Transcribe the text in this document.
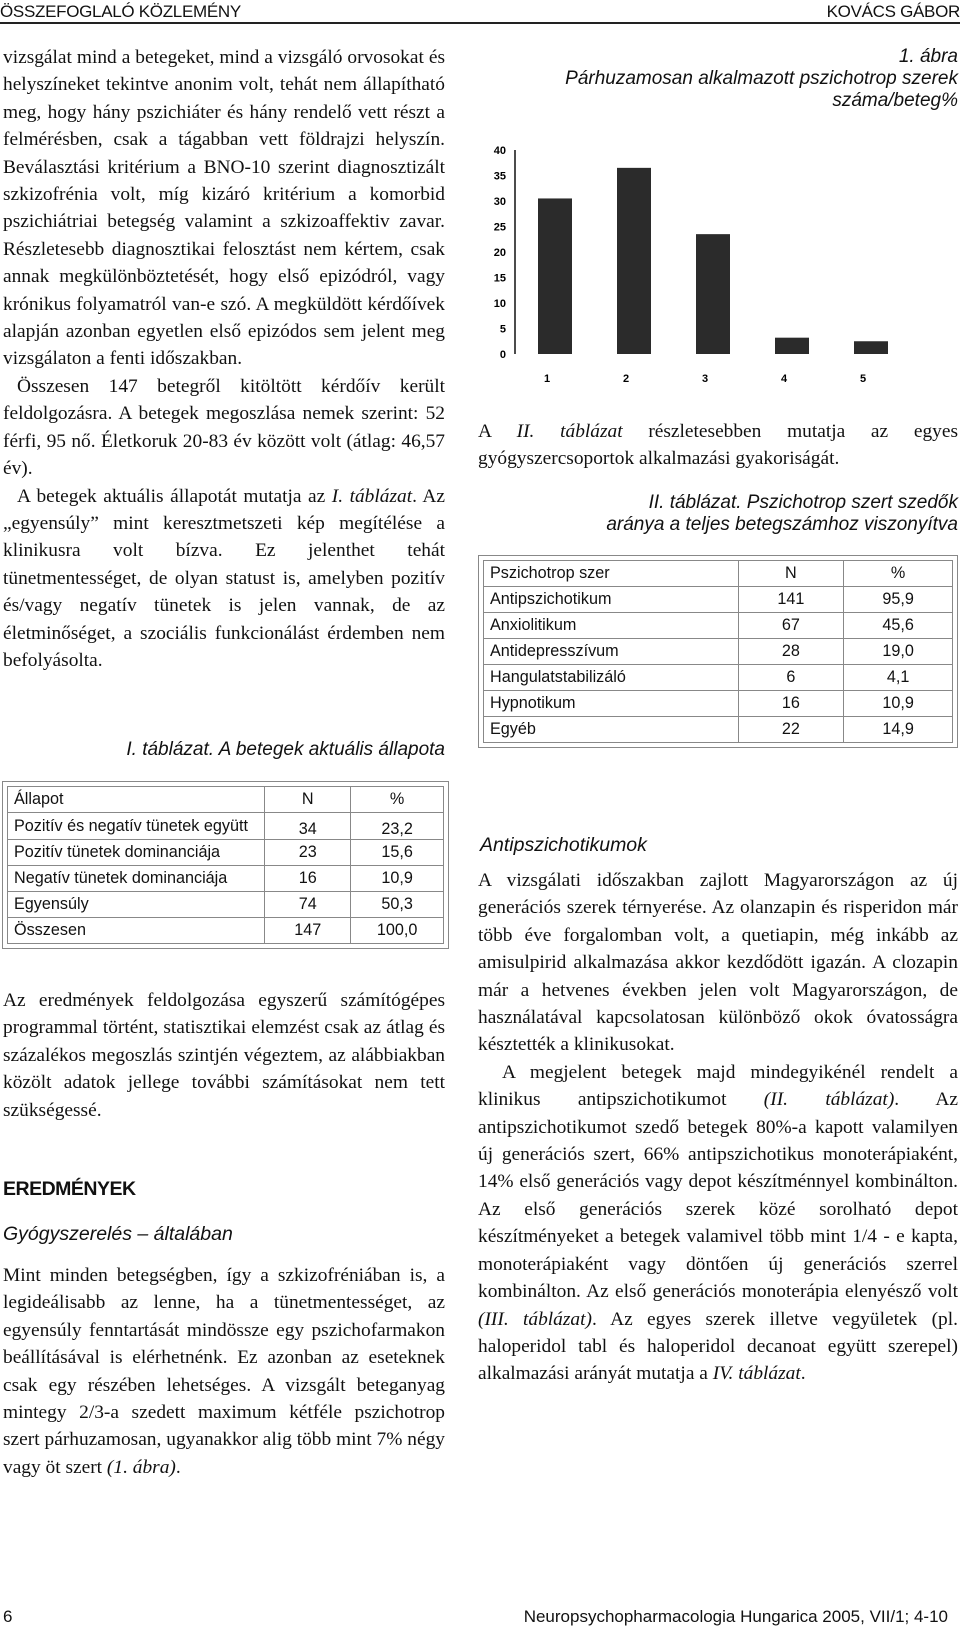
ÖSSZEFOGLALÓ KÖZLEMÉNY	KOVÁCS GÁBOR

vizsgálat mind a betegeket, mind a vizsgáló orvosokat és helyszíneket tekintve anonim volt, tehát nem állapítható meg, hogy hány pszichiáter és hány rendelő vett részt a felmérésben, csak a tágabban vett földrajzi helyszín. Beválasztási kritérium a BNO-10 szerint diagnosztizált szkizofrénia volt, míg kizáró kritérium a komorbid pszichiátriai betegség valamint a szkizoaffektiv zavar. Részletesebb diagnosztikai felosztást nem kértem, csak annak megkülönböztetését, hogy első epizódról, vagy krónikus folyamatról van-e szó. A megküldött kérdőívek alapján azonban egyetlen első epizódos sem jelent meg vizsgálaton a fenti időszakban.

Összesen 147 betegről kitöltött kérdőív került feldolgozásra. A betegek megoszlása nemek szerint: 52 férfi, 95 nő. Életkoruk 20-83 év között volt (átlag: 46,57 év).

A betegek aktuális állapotát mutatja az I. táblázat. Az „egyensúly” mint keresztmetszeti kép megítélése a klinikusra volt bízva. Ez jelenthet tehát tünetmentességet, de olyan statust is, amelyben pozitív és/vagy negatív tünetek is jelen vannak, de az életminőséget, a szociális funkcionálást érdemben nem befolyásolta.

I. táblázat. A betegek aktuális állapota
Állapot	N	%
Pozitív és negatív tünetek együtt	34	23,2
Pozitív tünetek dominanciája	23	15,6
Negatív tünetek dominanciája	16	10,9
Egyensúly	74	50,3
Összesen	147	100,0

Az eredmények feldolgozása egyszerű számítógépes programmal történt, statisztikai elemzést csak az átlag és százalékos megoszlás szintjén végeztem, az alábbiakban közölt adatok jellege további számításokat nem tett szükségessé.

EREDMÉNYEK
Gyógyszerelés – általában

Mint minden betegségben, így a szkizofréniában is, a legideálisabb az lenne, ha a tünetmentességet, az egyensúly fenntartását mindössze egy pszichofarmakon beállításával is elérhetnénk. Ez azonban az eseteknek csak egy részében lehetséges. A vizsgált beteganyag mintegy 2/3-a szedett maximum kétféle pszichotrop szert párhuzamosan, ugyanakkor alig több mint 7% négy vagy öt szert (1. ábra).

1. ábra
Párhuzamosan alkalmazott pszichotrop szerek
száma/beteg%
0
5
10
15
20
25
30
35
40
1	2	3	4	5

A II. táblázat részletesebben mutatja az egyes gyógyszercsoportok alkalmazási gyakoriságát.

II. táblázat. Pszichotrop szert szedők
aránya a teljes betegszámhoz viszonyítva
Pszichotrop szer	N	%
Antipszichotikum	141	95,9
Anxiolitikum	67	45,6
Antidepresszívum	28	19,0
Hangulatstabilizáló	6	4,1
Hypnotikum	16	10,9
Egyéb	22	14,9
Antipszichotikumok

A vizsgálati időszakban zajlott Magyarországon az új generációs szerek térnyerése. Az olanzapin és risperidon már több éve forgalomban volt, a quetiapin, még inkább az amisulpirid alkalmazása akkor kezdődött igazán. A clozapin már a hetvenes években jelen volt Magyarországon, de használatával kapcsolatosan különböző okok óvatosságra késztették a klinikusokat.

A megjelent betegek majd mindegyikénél rendelt a klinikus antipszichotikumot (II. táblázat). Az antipszichotikumot szedő betegek 80%-a kapott valamilyen új generációs szert, 66% antipszichotikus monoterápiaként, 14% első generációs vagy depot készítménnyel kombinálton. Az első generációs szerek közé sorolható depot készítményeket a betegek valamivel több mint 1/4 - e kapta, monoterápiaként vagy döntően új generációs szerrel kombinálton. Az első generációs monoterápia elenyésző volt (III. táblázat). Az egyes szerek illetve vegyületek (pl. haloperidol tabl és haloperidol decanoat együtt szerepel) alkalmazási arányát mutatja a IV. táblázat.

6	Neuropsychopharmacologia Hungarica 2005, VII/1; 4-10
